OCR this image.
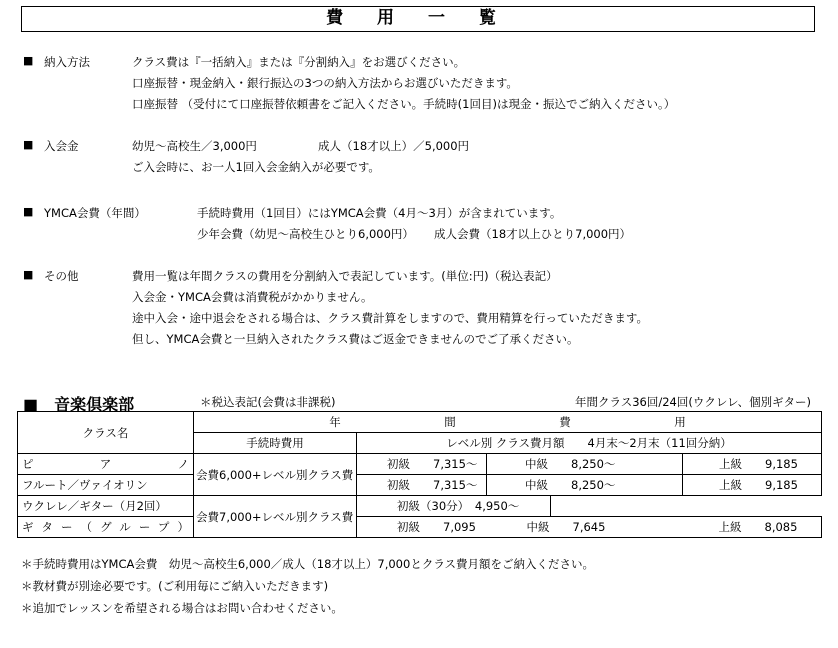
費 用 一 覧
■ 納入方法	クラス費は『一括納入』または『分割納入』をお選びください。
口座振替・現金納入・銀行振込の3つの納入方法からお選びいただきます。
口座振替 （受付にて口座振替依頼書をご記入ください。手続時(1回目)は現金・振込でご納入ください。）
■ 入会金	幼児～高校生／3,000円	成人（18才以上）／5,000円
ご入会時に、お一人1回入会金納入が必要です。
■ YMCA会費（年間）	手続時費用（1回目）にはYMCA会費（4月～3月）が含まれています。
少年会費（幼児～高校生ひとり6,000円） 成人会費（18才以上ひとり7,000円）
■ その他	費用一覧は年間クラスの費用を分割納入で表記しています。(単位:円)（税込表記）
入会金・YMCA会費は消費税がかかりません。
途中入会・途中退会をされる場合は、クラス費計算をしますので、費用精算を行っていただきます。
但し、YMCA会費と一旦納入されたクラス費はご返金できませんのでご了承ください。
■　音楽倶楽部	＊税込表記(会費は非課税)	年間クラス36回/24回(ウクレレ、個別ギター)
クラス名	年　　　　　　　　　間　　　　　　　　　費　　　　　　　　　用				
	手続時費用	レベル別 クラス費月額　　4月末～2月末（11回分納）			
ピ　　ア　　ノ	会費6,000+レベル別クラス費	初級　　7,315～	中級　　8,250～		上級　　9,185
フルート／ヴァイオリン		初級　　7,315～	中級　　8,250～		上級　　9,185
ウクレレ／ギター（月2回）	会費7,000+レベル別クラス費	初級（30分）　4,950～			
ギター（グループ）		初級　　7,095	中級　　7,645		上級　　8,085
＊手続時費用はYMCA会費　幼児～高校生6,000／成人（18才以上）7,000とクラス費月額をご納入ください。
＊教材費が別途必要です。(ご利用毎にご納入いただきます)
＊追加でレッスンを希望される場合はお問い合わせください。
